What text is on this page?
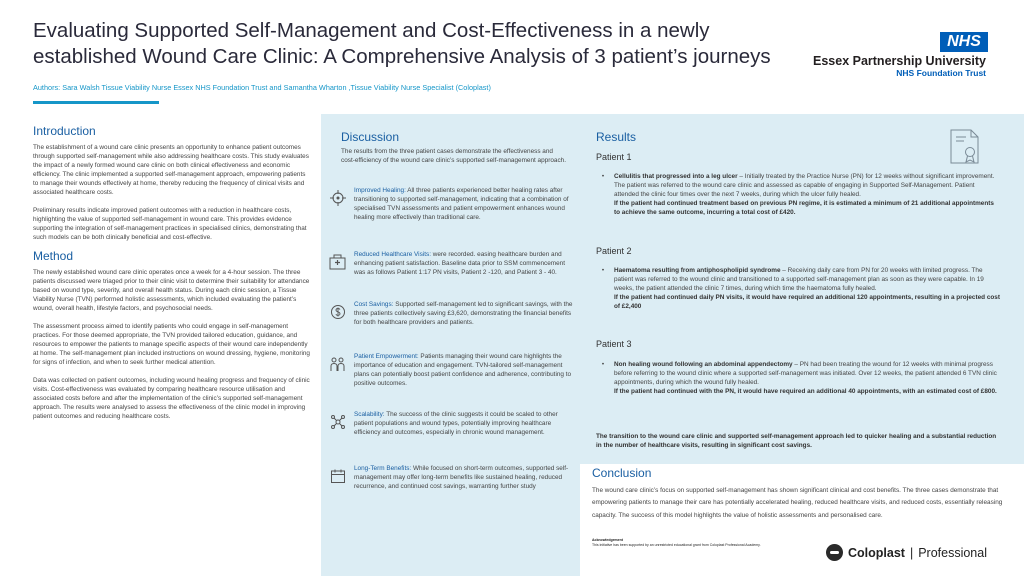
Evaluating Supported Self-Management and Cost-Effectiveness in a newly
established Wound Care Clinic: A Comprehensive Analysis of 3 patient’s journeys
Authors: Sara Walsh Tissue Viability Nurse Essex NHS Foundation Trust and Samantha Wharton ,Tissue Viability Nurse Specialist (Coloplast)
NHS
Essex Partnership University
NHS Foundation Trust
Introduction
The establishment of a wound care clinic presents an opportunity to enhance patient outcomes through supported self-management while also addressing healthcare costs. This study evaluates the impact of a newly formed wound care clinic on both clinical effectiveness and economic efficiency. The clinic implemented a supported self-management approach, empowering patients to manage their wounds effectively at home, thereby reducing the frequency of clinical visits and associated healthcare costs.
Preliminary results indicate improved patient outcomes with a reduction in healthcare costs, highlighting the value of supported self-management in wound care. This provides evidence supporting the integration of self-management practices in specialised clinics, demonstrating that such models can be both clinically beneficial and cost-effective.
Method
The newly established wound care clinic operates once a week for a 4-hour session. The three patients discussed were triaged prior to their clinic visit to determine their suitability for attendance based on wound type, severity, and overall health status. During each clinic session, a Tissue Viability Nurse (TVN) performed holistic assessments, which included evaluating the patient’s wound, overall health, lifestyle factors, and psychosocial needs.
The assessment process aimed to identify patients who could engage in self-management practices. For those deemed appropriate, the TVN provided tailored education, guidance, and resources to empower the patients to manage specific aspects of their wound care independently at home. The self-management plan included instructions on wound dressing, hygiene, monitoring for signs of infection, and when to seek further medical attention.
Data was collected on patient outcomes, including wound healing progress and frequency of clinic visits. Cost-effectiveness was evaluated by comparing healthcare resource utilisation and associated costs before and after the implementation of the clinic’s supported self-management approach. The results were analysed to assess the effectiveness of the clinic model in improving patient outcomes and reducing healthcare costs.
Discussion
The results from the three patient cases demonstrate the effectiveness and cost-efficiency of the wound care clinic’s supported self-management approach.
Improved Healing: All three patients experienced better healing rates after transitioning to supported self-management, indicating that a combination of specialised TVN assessments and patient empowerment enhances wound healing more effectively than traditional care.
Reduced Healthcare Visits: were recorded. easing healthcare burden and enhancing patient satisfaction. Baseline data prior to SSM commencement was as follows Patient 1:17 PN visits, Patient 2 -120, and Patient 3 - 40.
Cost Savings: Supported self-management led to significant savings, with the three patients collectively saving £3,620, demonstrating the financial benefits for both healthcare providers and patients.
Patient Empowerment: Patients managing their wound care highlights the importance of education and engagement. TVN-tailored self-management plans can potentially boost patient confidence and adherence, contributing to positive outcomes.
Scalability: The success of the clinic suggests it could be scaled to other patient populations and wound types, potentially improving healthcare efficiency and outcomes, especially in chronic wound management.
Long-Term Benefits: While focused on short-term outcomes, supported self-management may offer long-term benefits like sustained healing, reduced recurrence, and continued cost savings, warranting further study
Results
Patient 1
•	Cellulitis that progressed into a leg ulcer – Initially treated by the Practice Nurse (PN) for 12 weeks without significant improvement. The patient was referred to the wound care clinic and assessed as capable of engaging in Supported Self-Management. Patient attended the clinic four times over the next 7 weeks, during which the ulcer fully healed.
If the patient had continued treatment based on previous PN regime, it is estimated a minimum of 21 additional appointments to achieve the same outcome, incurring a total cost of £420.
Patient 2
•	Haematoma resulting from antiphospholipid syndrome – Receiving daily care from PN for 20 weeks with limited progress. The patient was referred to the wound clinic and transitioned to a supported self-management plan as soon as they were capable. In 19 weeks, the patient attended the clinic 7 times, during which time the haematoma fully healed.
If the patient had continued daily PN visits, it would have required an additional 120 appointments, resulting in a projected cost of £2,400
Patient 3
•	Non healing wound following an abdominal appendectomy – PN had been treating the wound for 12 weeks with minimal progress before referring to the wound clinic where a supported self-management was initiated. Over 12 weeks, the patient attended 6 TVN clinic appointments, during which the wound fully healed.
If the patient had continued with the PN, it would have required an additional 40 appointments, with an estimated cost of £800.
The transition to the wound care clinic and supported self-management approach led to quicker healing and a substantial reduction in the number of healthcare visits, resulting in significant cost savings.
Conclusion
The wound care clinic’s focus on supported self-management has shown significant clinical and cost benefits. The three cases demonstrate that empowering patients to manage their care has potentially accelerated healing, reduced healthcare visits, and reduced costs, essentially releasing capacity. The success of this model highlights the value of holistic assessments and personalised care.
Acknowledgement
This initiative has been supported by an unrestricted educational grant from Coloplast Professional Academy.
Coloplast | Professional
